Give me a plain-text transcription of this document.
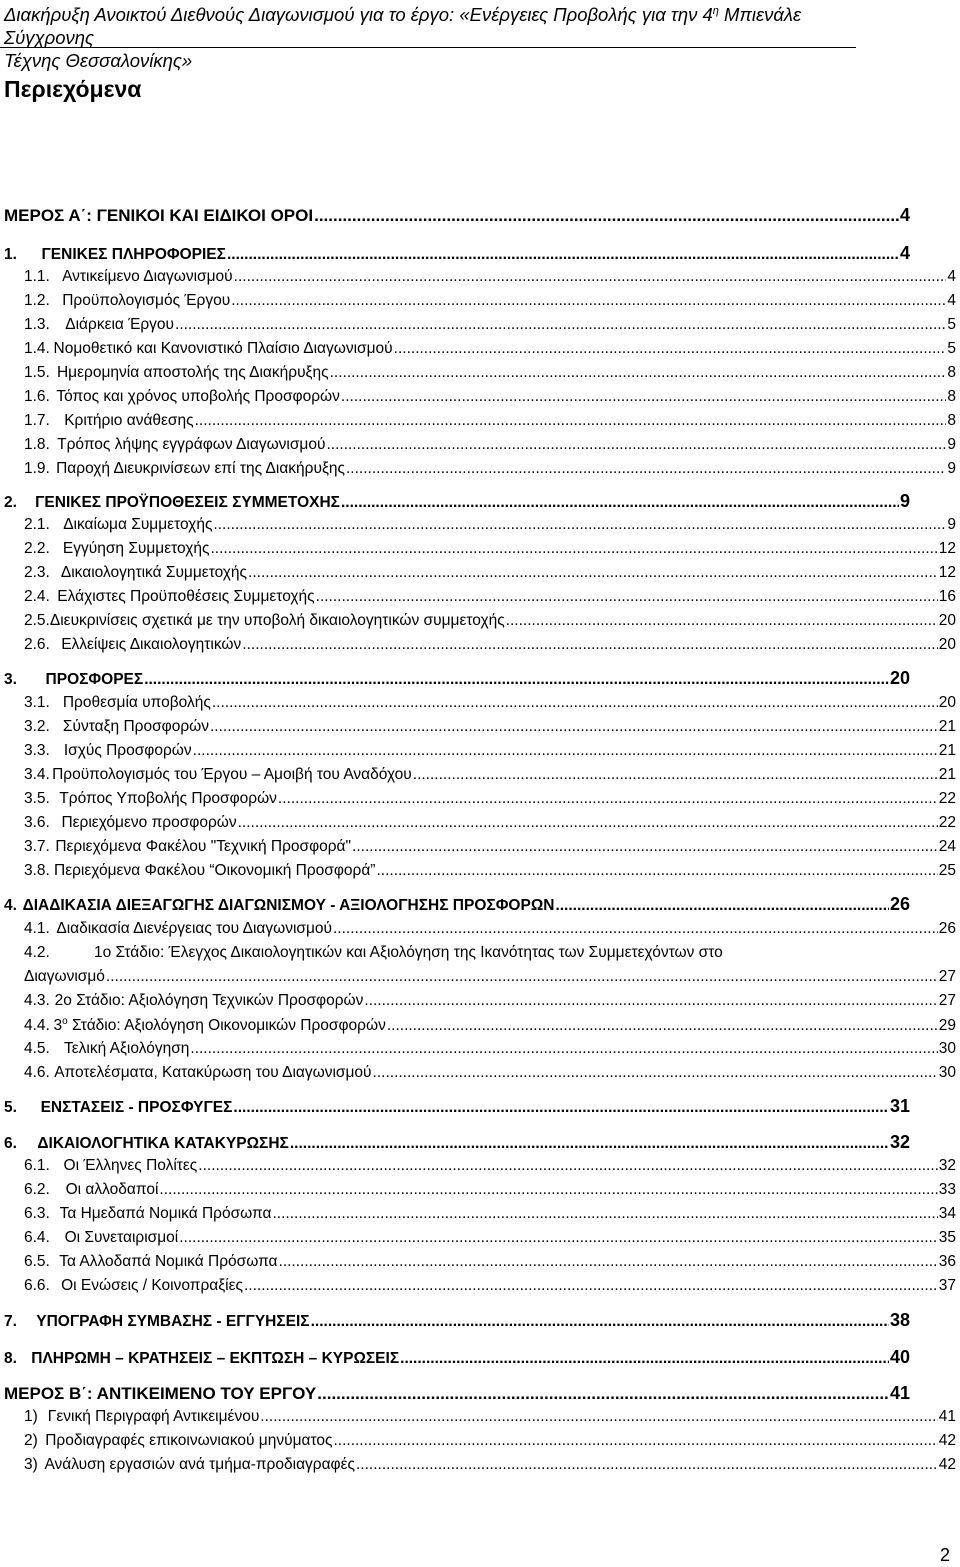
Διακήρυξη Ανοικτού Διεθνούς Διαγωνισμού για το έργο: «Ενέργειες Προβολής για την $4^\eta$ Μπιενάλε Σύγχρονης
Τέχνης Θεσσαλονίκης»
Περιεχόμενα
ΜΕΡΟΣ Α΄: ΓΕΝΙΚΟΙ ΚΑΙ ΕΙΔΙΚΟΙ ΟΡΟΙ .....	4
1.	ΓΕΝΙΚΕΣ ΠΛΗΡΟΦΟΡΙΕΣ .....	4
1.1. Αντικείμενο Διαγωνισμού .....	4
1.2. Προϋπολογισμός Έργου .....	4
1.3. Διάρκεια Έργου .....	5
1.4. Νομοθετικό και Κανονιστικό Πλαίσιο Διαγωνισμού .....	5
1.5. Ημερομηνία αποστολής της Διακήρυξης .....	8
1.6. Τόπος και χρόνος υποβολής Προσφορών .....	8
1.7. Κριτήριο ανάθεσης .....	8
1.8. Τρόπος λήψης εγγράφων Διαγωνισμού .....	9
1.9. Παροχή Διευκρινίσεων επί της Διακήρυξης .....	9
2.	ΓΕΝΙΚΕΣ ΠΡΟΫΠΟΘΕΣΕΙΣ ΣΥΜΜΕΤΟΧΗΣ .....	9
2.1. Δικαίωμα Συμμετοχής .....	9
2.2. Εγγύηση Συμμετοχής .....	12
2.3. Δικαιολογητικά Συμμετοχής .....	12
2.4. Ελάχιστες Προϋποθέσεις Συμμετοχής .....	16
2.5. Διευκρινίσεις σχετικά με την υποβολή δικαιολογητικών συμμετοχής .....	20
2.6. Ελλείψεις Δικαιολογητικών .....	20
3.	ΠΡΟΣΦΟΡΕΣ .....	20
3.1. Προθεσμία υποβολής .....	20
3.2. Σύνταξη Προσφορών .....	21
3.3. Ισχύς Προσφορών .....	21
3.4. Προϋπολογισμός του Έργου – Αμοιβή του Αναδόχου .....	21
3.5. Τρόπος Υποβολής Προσφορών .....	22
3.6. Περιεχόμενο προσφορών .....	22
3.7. Περιεχόμενα Φακέλου "Τεχνική Προσφορά" .....	24
3.8. Περιεχόμενα Φακέλου “Οικονομική Προσφορά” .....	25
4. ΔΙΑΔΙΚΑΣΙΑ ΔΙΕΞΑΓΩΓΗΣ ΔΙΑΓΩΝΙΣΜΟΥ - ΑΞΙΟΛΟΓΗΣΗΣ ΠΡΟΣΦΟΡΩΝ .....	26
4.1. Διαδικασία Διενέργειας του Διαγωνισμού .....	26
4.2.	1ο Στάδιο: Έλεγχος Δικαιολογητικών και Αξιολόγηση της Ικανότητας των Συμμετεχόντων στο
Διαγωνισμό .....	27
4.3. 2ο Στάδιο: Αξιολόγηση Τεχνικών Προσφορών .....	27
4.4. $3^o$ Στάδιο: Αξιολόγηση Οικονομικών Προσφορών .....	29
4.5. Τελική Αξιολόγηση .....	30
4.6. Αποτελέσματα, Κατακύρωση του Διαγωνισμού .....	30
5.	ΕΝΣΤΑΣΕΙΣ - ΠΡΟΣΦΥΓΕΣ .....	31
6.	ΔΙΚΑΙΟΛΟΓΗΤΙΚΑ ΚΑΤΑΚΥΡΩΣΗΣ .....	32
6.1. Οι Έλληνες Πολίτες .....	32
6.2.	Οι αλλοδαποί .....	33
6.3. Τα Ημεδαπά Νομικά Πρόσωπα .....	34
6.4. Οι Συνεταιρισμοί .....	35
6.5. Τα Αλλοδαπά Νομικά Πρόσωπα .....	36
6.6. Οι Ενώσεις / Κοινοπραξίες .....	37
7.	ΥΠΟΓΡΑΦΗ ΣΥΜΒΑΣΗΣ - ΕΓΓΥΗΣΕΙΣ .....	38
8. ΠΛΗΡΩΜΗ – ΚΡΑΤΗΣΕΙΣ – ΕΚΠΤΩΣΗ – ΚΥΡΩΣΕΙΣ .....	40
ΜΕΡΟΣ Β΄: ΑΝΤΙΚΕΙΜΕΝΟ ΤΟΥ ΕΡΓΟΥ .....	41
1) Γενική Περιγραφή Αντικειμένου .....	41
2) Προδιαγραφές επικοινωνιακού μηνύματος .....	42
3) Ανάλυση εργασιών ανά τμήμα-προδιαγραφές .....	42
2
